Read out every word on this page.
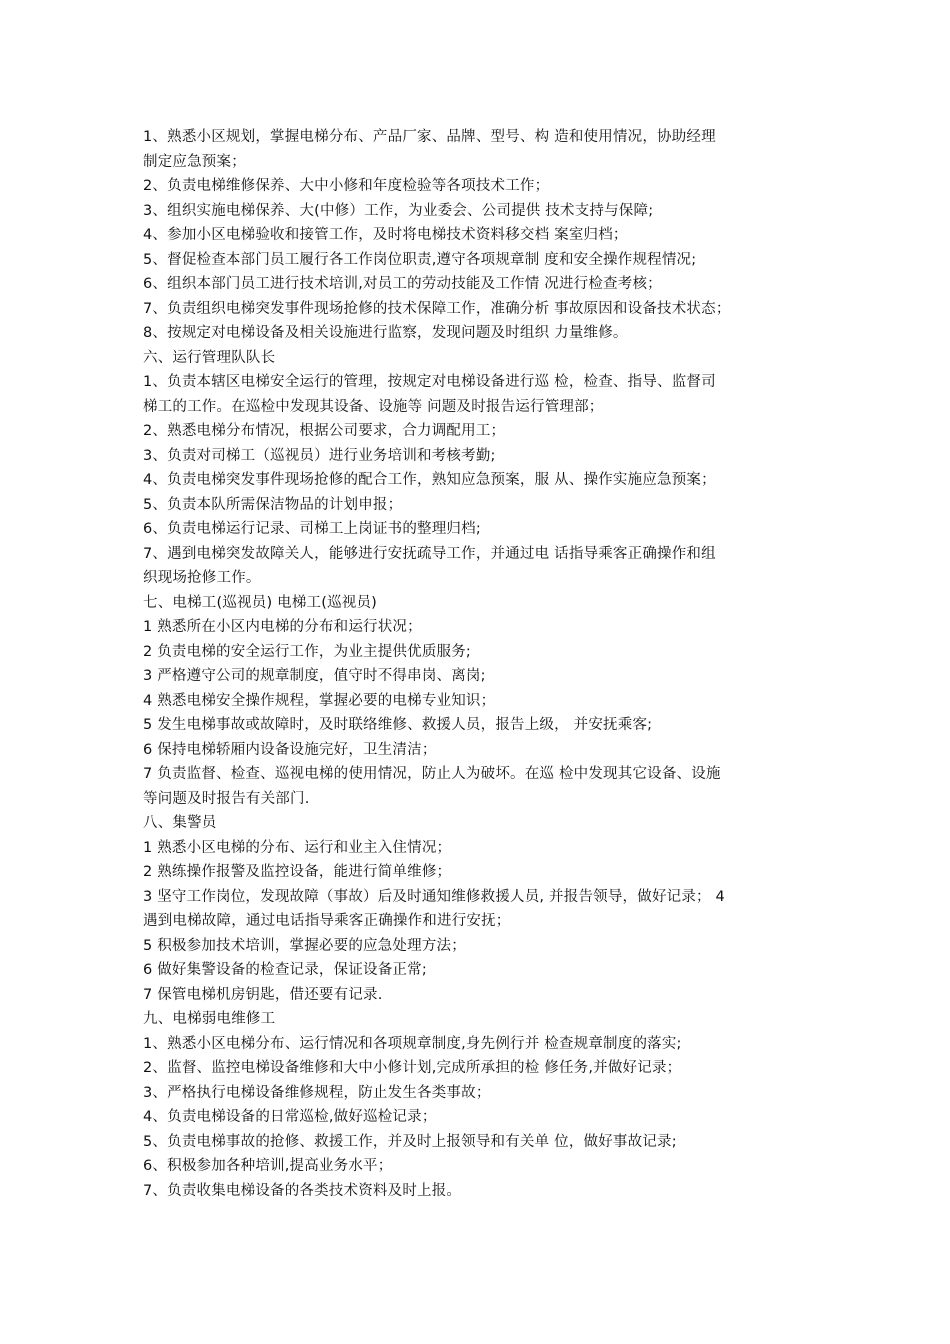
1、熟悉小区规划，掌握电梯分布、产品厂家、品牌、型号、构 造和使用情况，协助经理
制定应急预案；
2、负责电梯维修保养、大中小修和年度检验等各项技术工作；
3、组织实施电梯保养、大(中修）工作，为业委会、公司提供 技术支持与保障;
4、参加小区电梯验收和接管工作，及时将电梯技术资料移交档 案室归档；
5、督促检查本部门员工履行各工作岗位职责,遵守各项规章制 度和安全操作规程情况;
6、组织本部门员工进行技术培训,对员工的劳动技能及工作情 况进行检查考核；
7、负责组织电梯突发事件现场抢修的技术保障工作，准确分析 事故原因和设备技术状态；
8、按规定对电梯设备及相关设施进行监察，发现问题及时组织 力量维修。
六、运行管理队队长
1、负责本辖区电梯安全运行的管理，按规定对电梯设备进行巡 检，检查、指导、监督司
梯工的工作。在巡检中发现其设备、设施等 问题及时报告运行管理部；
2、熟悉电梯分布情况，根据公司要求，合力调配用工；
3、负责对司梯工（巡视员）进行业务培训和考核考勤;
4、负责电梯突发事件现场抢修的配合工作，熟知应急预案，服 从、操作实施应急预案；
5、负责本队所需保洁物品的计划申报；
6、负责电梯运行记录、司梯工上岗证书的整理归档;
7、遇到电梯突发故障关人，能够进行安抚疏导工作，并通过电 话指导乘客正确操作和组
织现场抢修工作。
七、电梯工(巡视员) 电梯工(巡视员)
1 熟悉所在小区内电梯的分布和运行状况；
2 负责电梯的安全运行工作，为业主提供优质服务;
3 严格遵守公司的规章制度，值守时不得串岗、离岗;
4 熟悉电梯安全操作规程，掌握必要的电梯专业知识；
5 发生电梯事故或故障时，及时联络维修、救援人员，报告上级， 并安抚乘客;
6 保持电梯轿厢内设备设施完好，卫生清洁；
7 负责监督、检查、巡视电梯的使用情况，防止人为破坏。在巡 检中发现其它设备、设施
等问题及时报告有关部门.
八、集警员
1 熟悉小区电梯的分布、运行和业主入住情况；
2 熟练操作报警及监控设备，能进行简单维修；
3 坚守工作岗位，发现故障（事故）后及时通知维修救援人员, 并报告领导，做好记录； 4
遇到电梯故障，通过电话指导乘客正确操作和进行安抚；
5 积极参加技术培训，掌握必要的应急处理方法；
6 做好集警设备的检查记录，保证设备正常;
7 保管电梯机房钥匙，借还要有记录.
九、电梯弱电维修工
1、熟悉小区电梯分布、运行情况和各项规章制度,身先例行并 检查规章制度的落实;
2、监督、监控电梯设备维修和大中小修计划,完成所承担的检 修任务,并做好记录；
3、严格执行电梯设备维修规程，防止发生各类事故；
4、负责电梯设备的日常巡检,做好巡检记录；
5、负责电梯事故的抢修、救援工作，并及时上报领导和有关单 位，做好事故记录;
6、积极参加各种培训,提高业务水平；
7、负责收集电梯设备的各类技术资料及时上报。
